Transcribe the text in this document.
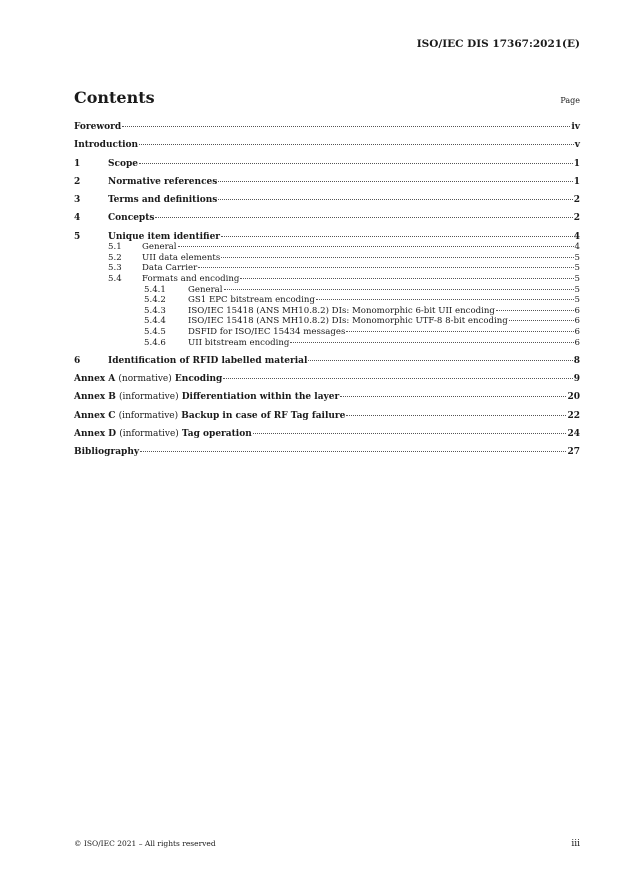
ISO/IEC DIS 17367:2021(E)
Contents	Page
Foreword	iv
Introduction	v
1	Scope	1
2	Normative references	1
3	Terms and definitions	2
4	Concepts	2
5	Unique item identifier	4
5.1	General	4
5.2	UII data elements	5
5.3	Data Carrier	5
5.4	Formats and encoding	5
5.4.1	General	5
5.4.2	GS1 EPC bitstream encoding	5
5.4.3	ISO/IEC 15418 (ANS MH10.8.2) DIs: Monomorphic 6-bit UII encoding	6
5.4.4	ISO/IEC 15418 (ANS MH10.8.2) DIs: Monomorphic UTF-8 8-bit encoding	6
5.4.5	DSFID for ISO/IEC 15434 messages	6
5.4.6	UII bitstream encoding	6
6	Identification of RFID labelled material	8
Annex A (normative) Encoding	9
Annex B (informative) Differentiation within the layer	20
Annex C (informative) Backup in case of RF Tag failure	22
Annex D (informative) Tag operation	24
Bibliography	27
© ISO/IEC 2021 – All rights reserved	iii
